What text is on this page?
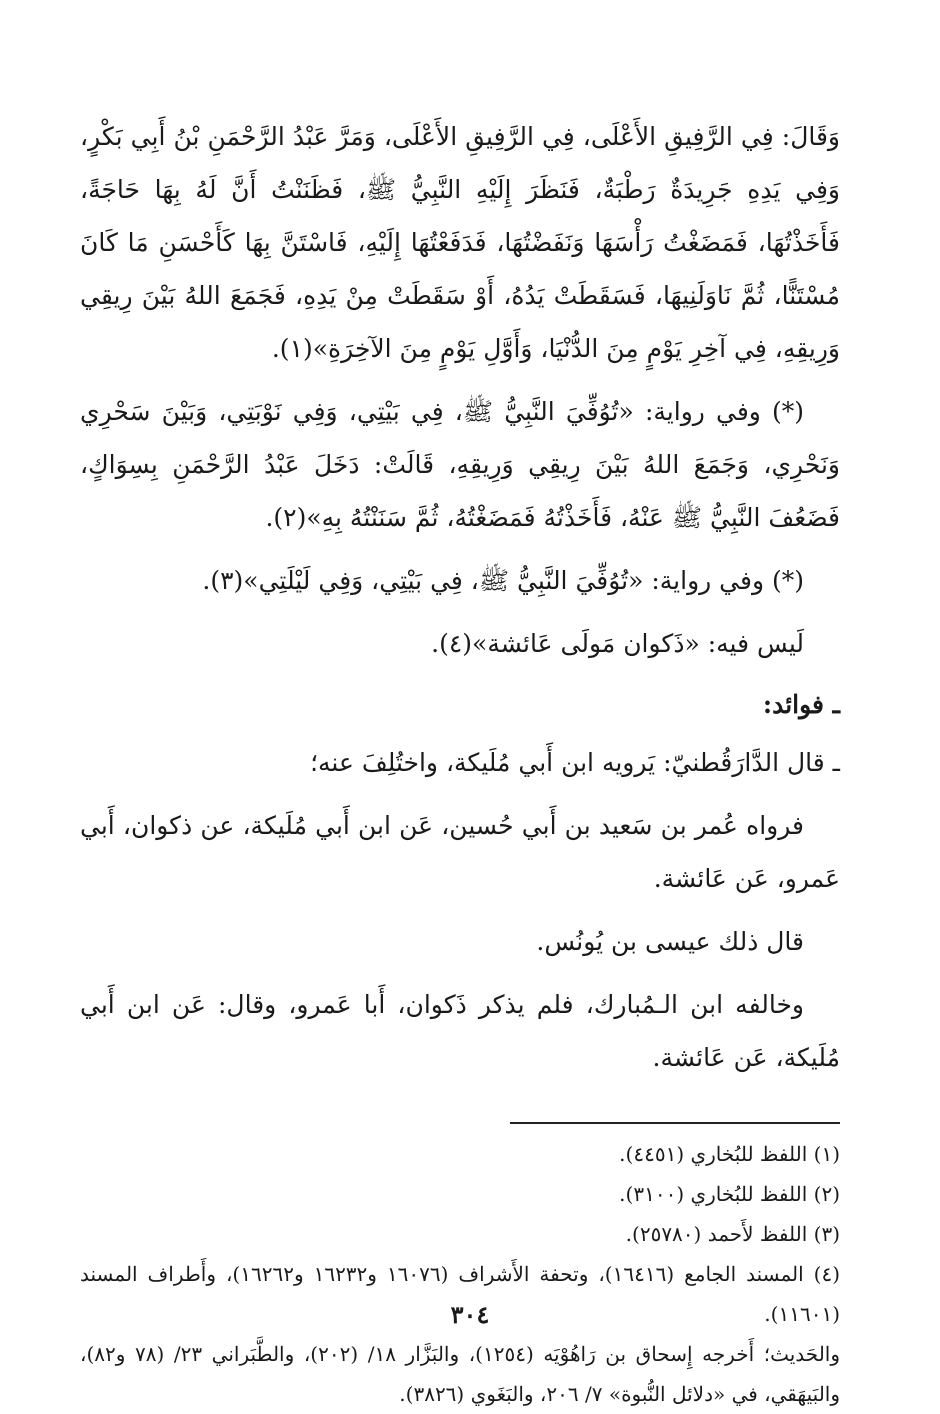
وَقَالَ: فِي الرَّفِيقِ الأَعْلَى، فِي الرَّفِيقِ الأَعْلَى، وَمَرَّ عَبْدُ الرَّحْمَنِ بْنُ أَبِي بَكْرٍ، وَفِي يَدِهِ جَرِيدَةٌ رَطْبَةٌ، فَنَظَرَ إِلَيْهِ النَّبِيُّ ﷺ، فَظَنَنْتُ أَنَّ لَهُ بِهَا حَاجَةً، فَأَخَذْتُهَا، فَمَضَغْتُ رَأْسَهَا وَنَفَضْتُهَا، فَدَفَعْتُهَا إِلَيْهِ، فَاسْتَنَّ بِهَا كَأَحْسَنِ مَا كَانَ مُسْتَنًّا، ثُمَّ نَاوَلَنِيهَا، فَسَقَطَتْ يَدُهُ، أَوْ سَقَطَتْ مِنْ يَدِهِ، فَجَمَعَ اللهُ بَيْنَ رِيقِي وَرِيقِهِ، فِي آخِرِ يَوْمٍ مِنَ الدُّنْيَا، وَأَوَّلِ يَوْمٍ مِنَ الآخِرَةِ»(١).

(*) وفي رواية: «تُوُفِّيَ النَّبِيُّ ﷺ، فِي بَيْتِي، وَفِي نَوْبَتِي، وَبَيْنَ سَحْرِي وَنَحْرِي، وَجَمَعَ اللهُ بَيْنَ رِيقِي وَرِيقِهِ، قَالَتْ: دَخَلَ عَبْدُ الرَّحْمَنِ بِسِوَاكٍ، فَضَعُفَ النَّبِيُّ ﷺ عَنْهُ، فَأَخَذْتُهُ فَمَضَغْتُهُ، ثُمَّ سَنَنْتُهُ بِهِ»(٢).

(*) وفي رواية: «تُوُفِّيَ النَّبِيُّ ﷺ، فِي بَيْتِي، وَفِي لَيْلَتِي»(٣).

لَيس فيه: «ذَكوان مَولَى عَائشة»(٤).

ـ فوائد:

ـ قال الدَّارَقُطنيّ: يَرويه ابن أَبي مُلَيكة، واختُلِفَ عنه؛

فرواه عُمر بن سَعيد بن أَبي حُسين، عَن ابن أَبي مُلَيكة، عن ذكوان، أَبي عَمرو، عَن عَائشة.

قال ذلك عيسى بن يُونُس.

وخالفه ابن الـمُبارك، فلم يذكر ذَكوان، أَبا عَمرو، وقال: عَن ابن أَبي مُلَيكة، عَن عَائشة.

(١) اللفظ للبُخاري (٤٤٥١).

(٢) اللفظ للبُخاري (٣١٠٠).

(٣) اللفظ لأَحمد (٢٥٧٨٠).

(٤) المسند الجامع (١٦٤١٦)، وتحفة الأَشراف (١٦٠٧٦ و١٦٢٣٢ و١٦٢٦٢)، وأَطراف المسند (١١٦٠١).

والحَديث؛ أَخرجه إِسحاق بن رَاهُوْيَه (١٢٥٤)، والبَزَّار ١٨/ (٢٠٢)، والطَّبَراني ٢٣/ (٧٨ و٨٢)، والبَيهَقي، في «دلائل النُّبوة» ٧/ ٢٠٦، والبَغَوي (٣٨٢٦).

٣٠٤
